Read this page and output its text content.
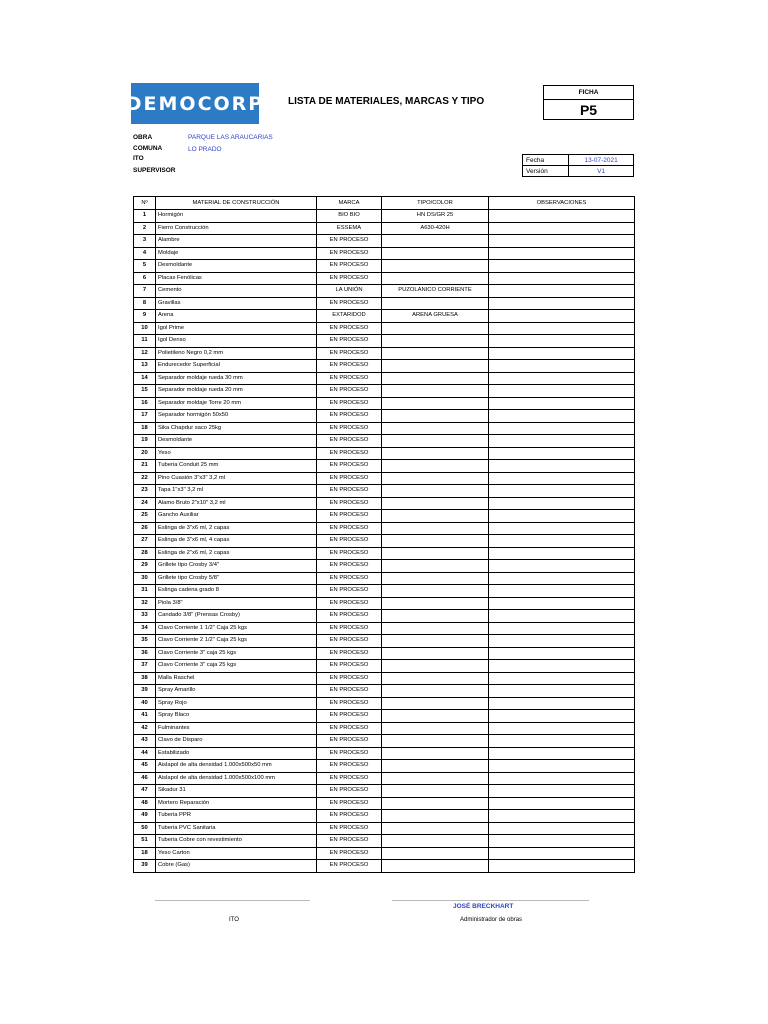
DEMOCORP LISTA DE MATERIALES, MARCAS Y TIPO
FICHA
P5
OBRA	PARQUE LAS ARAUCARIAS
COMUNA	LO PRADO
ITO
SUPERVISOR
Fecha	13-07-2021
Versión	V1
Nº	MATERIAL DE CONSTRUCCIÓN	MARCA	TIPO/COLOR	OBSERVACIONES
1	Hormigón	BIO BIO	HN DS/GR 25	
2	Fierro Construcción	ESSEMA	A630-420H	
3	Alambre	EN PROCESO		
4	Moldaje	EN PROCESO		
5	Desmoldante	EN PROCESO		
6	Placas Fenólicas	EN PROCESO		
7	Cemento	LA UNIÓN	PUZOLANICO CORRIENTE	
8	Gravillas	EN PROCESO		
9	Arena	EXTARIDOD	ARENA GRUESA	
10	Igol Prime	EN PROCESO		
11	Igol Denso	EN PROCESO		
12	Polietileno Negro 0,2 mm	EN PROCESO		
13	Endurecedor Superficial	EN PROCESO		
14	Separador moldaje rueda 30 mm	EN PROCESO		
15	Separador moldaje rueda 20 mm	EN PROCESO		
16	Separador moldaje Torre 20 mm	EN PROCESO		
17	Separador hormigón 50x50	EN PROCESO		
18	Sika Chapdur saco 25kg	EN PROCESO		
19	Desmoldante	EN PROCESO		
20	Yeso	EN PROCESO		
21	Tuberia Conduit 25 mm	EN PROCESO		
22	Pino Cuasión 3"x3" 3,2 ml	EN PROCESO		
23	Tapa 1"x3" 3,2 ml	EN PROCESO		
24	Alamo Bruto 2"x10" 3,2 ml	EN PROCESO		
25	Gancho Auxiliar	EN PROCESO		
26	Eslinga de 3"x6 ml, 2 capas	EN PROCESO		
27	Eslinga de 3"x6 ml, 4 capas	EN PROCESO		
28	Eslinga de 2"x6 ml, 2 capas	EN PROCESO		
29	Grillete tipo Crosby 3/4"	EN PROCESO		
30	Grillete tipo Crosby 5/8"	EN PROCESO		
31	Eslinga cadena grado 8	EN PROCESO		
32	Piola 3/8"	EN PROCESO		
33	Candado 3/8" (Prensas Crosby)	EN PROCESO		
34	Clavo Corriente 1 1/2" Caja 25 kgs	EN PROCESO		
35	Clavo Corriente 2 1/2" Caja 25 kgs	EN PROCESO		
36	Clavo Corriente 3" caja 25 kgs	EN PROCESO		
37	Clavo Corriente 3" caja 25 kgs	EN PROCESO		
38	Malla Raschel	EN PROCESO		
39	Spray Amarillo	EN PROCESO		
40	Spray Rojo	EN PROCESO		
41	Spray Blaco	EN PROCESO		
42	Fulminantes	EN PROCESO		
43	Clavo de Disparo	EN PROCESO		
44	Estabilizado	EN PROCESO		
45	Aislapol de alta densidad 1.000x500x50 mm	EN PROCESO		
46	Aislapol de alta densidad 1.000x500x100 mm	EN PROCESO		
47	Sikadur 31	EN PROCESO		
48	Mortero Reparación	EN PROCESO		
49	Tuberia PPR	EN PROCESO		
50	Tuberia PVC Sanitaria	EN PROCESO		
51	Tuberia Cobre con revestimiento	EN PROCESO		
18	Yeso Carton	EN PROCESO		
39	Cobre (Gas)	EN PROCESO		
ITO
JOSÉ BRECKHART
Administrador de obras
